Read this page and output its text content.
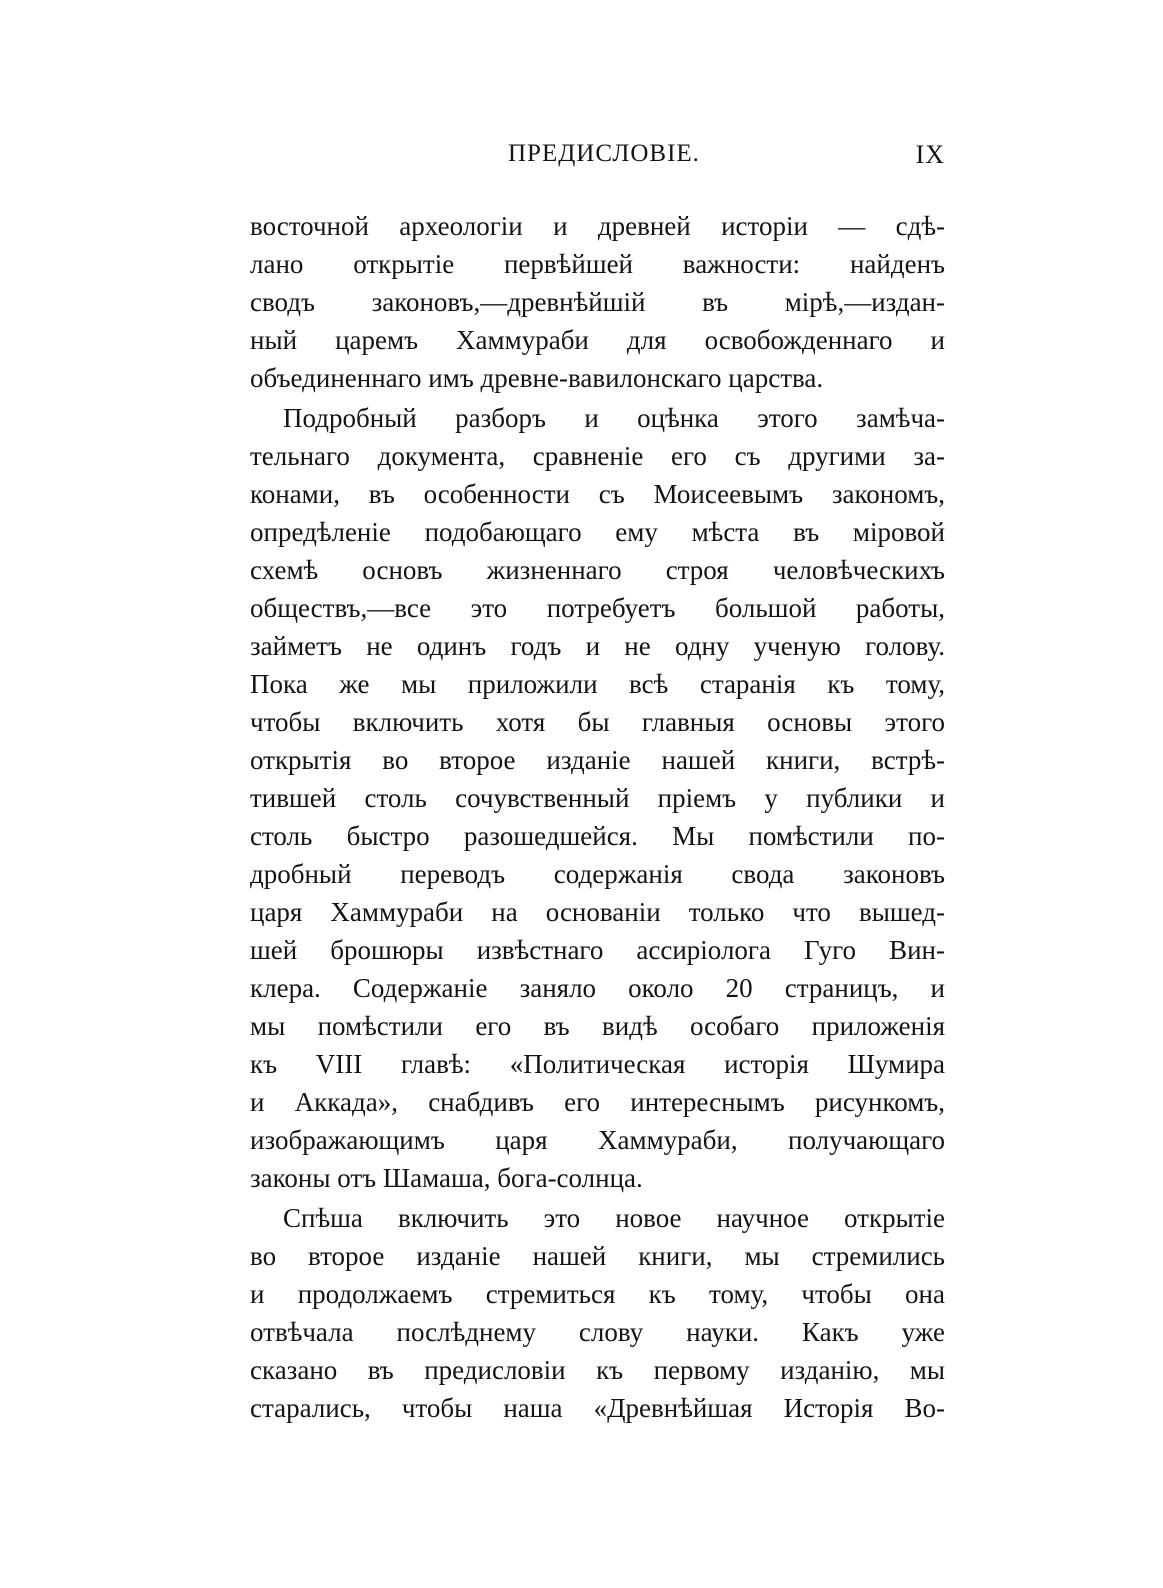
ПРЕДИСЛОВІЕ.	IX
восточной археологіи и древней исторіи — сдѣ-
лано открытіе первѣйшей важности: найденъ
сводъ законовъ,—древнѣйшій въ мірѣ,—издан-
ный царемъ Хаммураби для освобожденнаго и
объединеннаго имъ древне-вавилонскаго царства.
Подробный разборъ и оцѣнка этого замѣча-
тельнаго документа, сравненіе его съ другими за-
конами, въ особенности съ Моисеевымъ закономъ,
опредѣленіе подобающаго ему мѣста въ міровой
схемѣ основъ жизненнаго строя человѣческихъ
обществъ,—все это потребуетъ большой работы,
займетъ не одинъ годъ и не одну ученую голову.
Пока же мы приложили всѣ старанія къ тому,
чтобы включить хотя бы главныя основы этого
открытія во второе изданіе нашей книги, встрѣ-
тившей столь сочувственный пріемъ у публики и
столь быстро разошедшейся. Мы помѣстили по-
дробный переводъ содержанія свода законовъ
царя Хаммураби на основаніи только что вышед-
шей брошюры извѣстнаго ассиріолога Гуго Вин-
клера. Содержаніе заняло около 20 страницъ, и
мы помѣстили его въ видѣ особаго приложенія
къ VIII главѣ: «Политическая исторія Шумира
и Аккада», снабдивъ его интереснымъ рисункомъ,
изображающимъ царя Хаммураби, получающаго
законы отъ Шамаша, бога-солнца.
Спѣша включить это новое научное открытіе
во второе изданіе нашей книги, мы стремились
и продолжаемъ стремиться къ тому, чтобы она
отвѣчала послѣднему слову науки. Какъ уже
сказано въ предисловіи къ первому изданію, мы
старались, чтобы наша «Древнѣйшая Исторія Во-
